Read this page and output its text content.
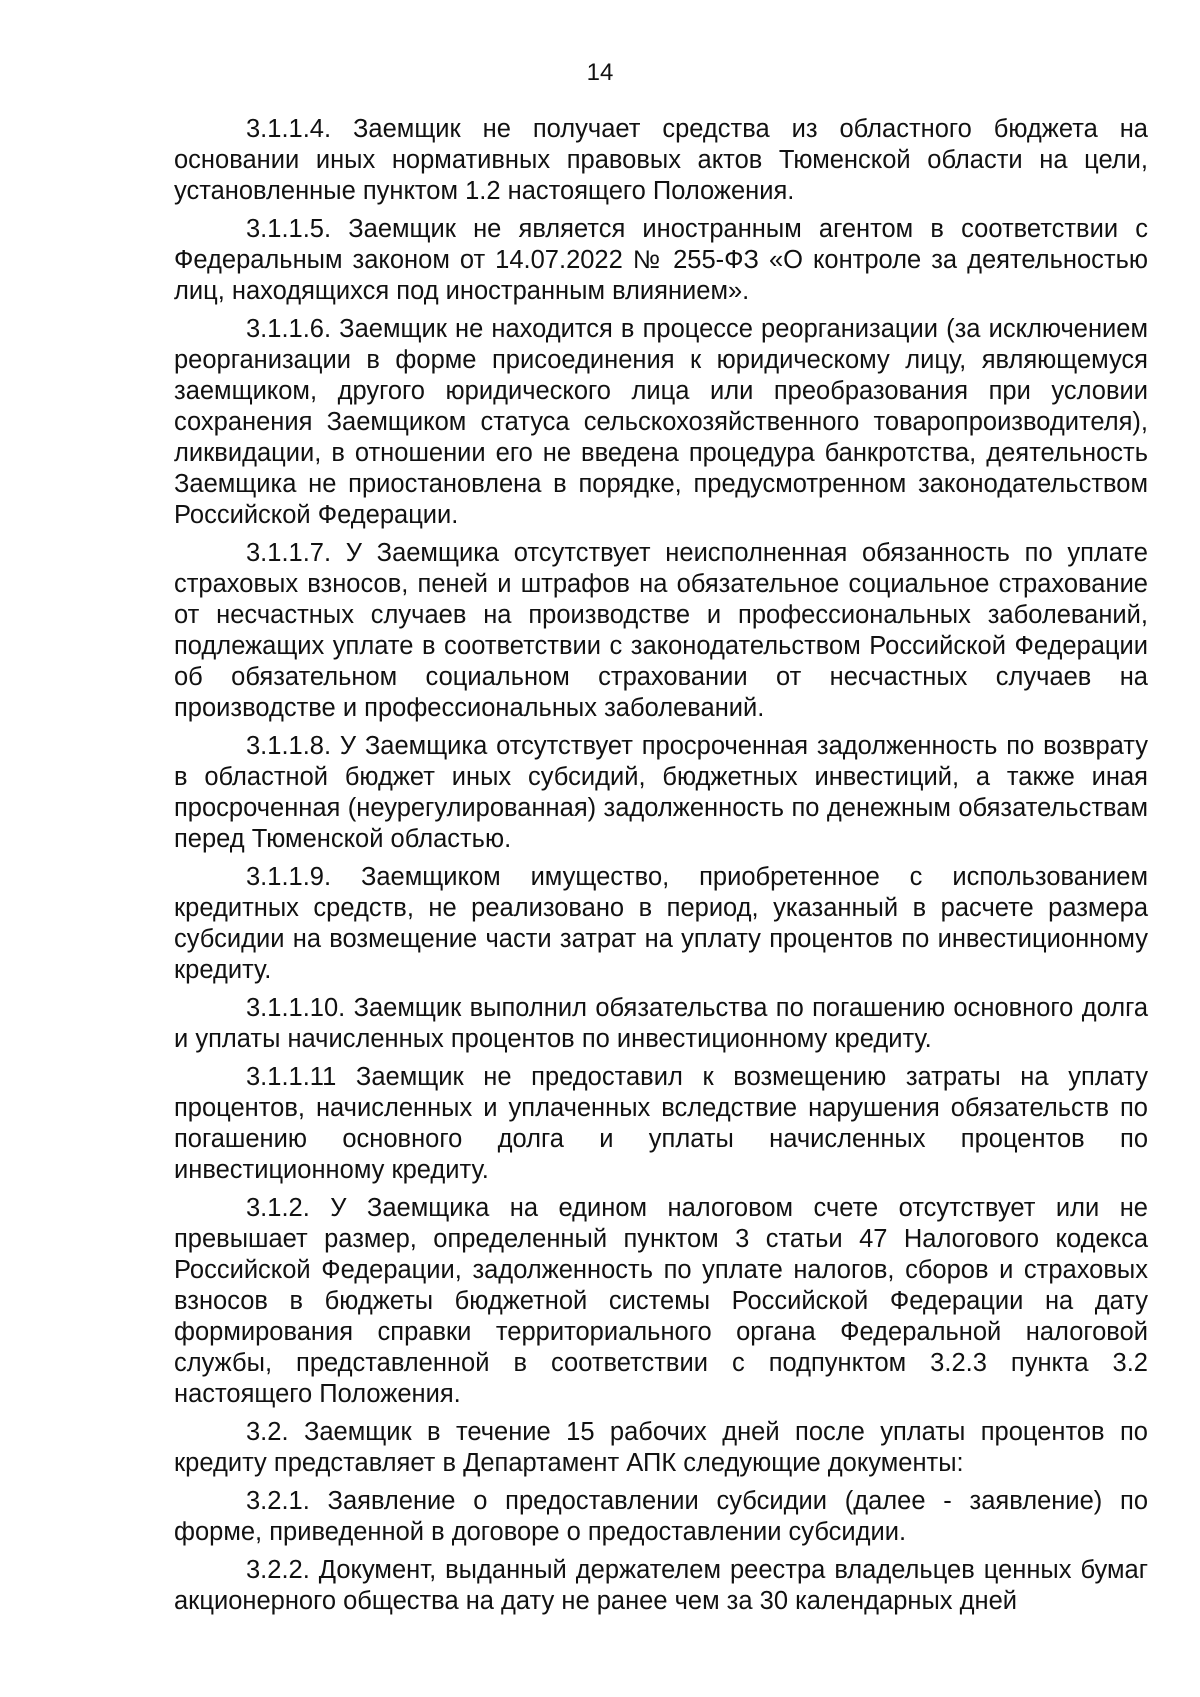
14

3.1.1.4. Заемщик не получает средства из областного бюджета на основании иных нормативных правовых актов Тюменской области на цели, установленные пунктом 1.2 настоящего Положения.

3.1.1.5. Заемщик не является иностранным агентом в соответствии с Федеральным законом от 14.07.2022 № 255-ФЗ «О контроле за деятельностью лиц, находящихся под иностранным влиянием».

3.1.1.6. Заемщик не находится в процессе реорганизации (за исключением реорганизации в форме присоединения к юридическому лицу, являющемуся заемщиком, другого юридического лица или преобразования при условии сохранения Заемщиком статуса сельскохозяйственного товаропроизводителя), ликвидации, в отношении его не введена процедура банкротства, деятельность Заемщика не приостановлена в порядке, предусмотренном законодательством Российской Федерации.

3.1.1.7. У Заемщика отсутствует неисполненная обязанность по уплате страховых взносов, пеней и штрафов на обязательное социальное страхование от несчастных случаев на производстве и профессиональных заболеваний, подлежащих уплате в соответствии с законодательством Российской Федерации об обязательном социальном страховании от несчастных случаев на производстве и профессиональных заболеваний.

3.1.1.8. У Заемщика отсутствует просроченная задолженность по возврату в областной бюджет иных субсидий, бюджетных инвестиций, а также иная просроченная (неурегулированная) задолженность по денежным обязательствам перед Тюменской областью.

3.1.1.9. Заемщиком имущество, приобретенное с использованием кредитных средств, не реализовано в период, указанный в расчете размера субсидии на возмещение части затрат на уплату процентов по инвестиционному кредиту.

3.1.1.10. Заемщик выполнил обязательства по погашению основного долга и уплаты начисленных процентов по инвестиционному кредиту.

3.1.1.11 Заемщик не предоставил к возмещению затраты на уплату процентов, начисленных и уплаченных вследствие нарушения обязательств по погашению основного долга и уплаты начисленных процентов по инвестиционному кредиту.

3.1.2. У Заемщика на едином налоговом счете отсутствует или не превышает размер, определенный пунктом 3 статьи 47 Налогового кодекса Российской Федерации, задолженность по уплате налогов, сборов и страховых взносов в бюджеты бюджетной системы Российской Федерации на дату формирования справки территориального органа Федеральной налоговой службы, представленной в соответствии с подпунктом 3.2.3 пункта 3.2 настоящего Положения.

3.2. Заемщик в течение 15 рабочих дней после уплаты процентов по кредиту представляет в Департамент АПК следующие документы:

3.2.1. Заявление о предоставлении субсидии (далее - заявление) по форме, приведенной в договоре о предоставлении субсидии.

3.2.2. Документ, выданный держателем реестра владельцев ценных бумаг акционерного общества на дату не ранее чем за 30 календарных дней
